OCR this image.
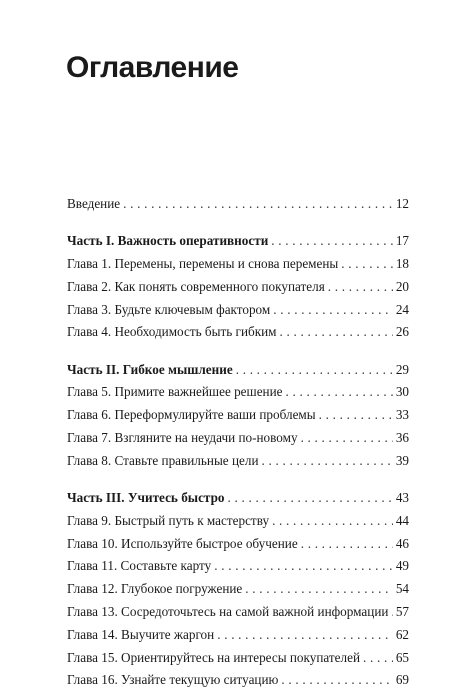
Оглавление
Введение . . .	12
Часть I. Важность оперативности . . .	17
Глава 1. Перемены, перемены и снова перемены . . .	18
Глава 2. Как понять современного покупателя . . .	20
Глава 3. Будьте ключевым фактором . . .	24
Глава 4. Необходимость быть гибким . . .	26
Часть II. Гибкое мышление . . .	29
Глава 5. Примите важнейшее решение . . .	30
Глава 6. Переформулируйте ваши проблемы . . .	33
Глава 7. Взгляните на неудачи по-новому . . .	36
Глава 8. Ставьте правильные цели . . .	39
Часть III. Учитесь быстро . . .	43
Глава 9. Быстрый путь к мастерству . . .	44
Глава 10. Используйте быстрое обучение . . .	46
Глава 11. Составьте карту . . .	49
Глава 12. Глубокое погружение . . .	54
Глава 13. Сосредоточьтесь на самой важной информации . . . 57
Глава 14. Выучите жаргон . . .	62
Глава 15. Ориентируйтесь на интересы покупателей . . .	65
Глава 16. Узнайте текущую ситуацию . . .	69
